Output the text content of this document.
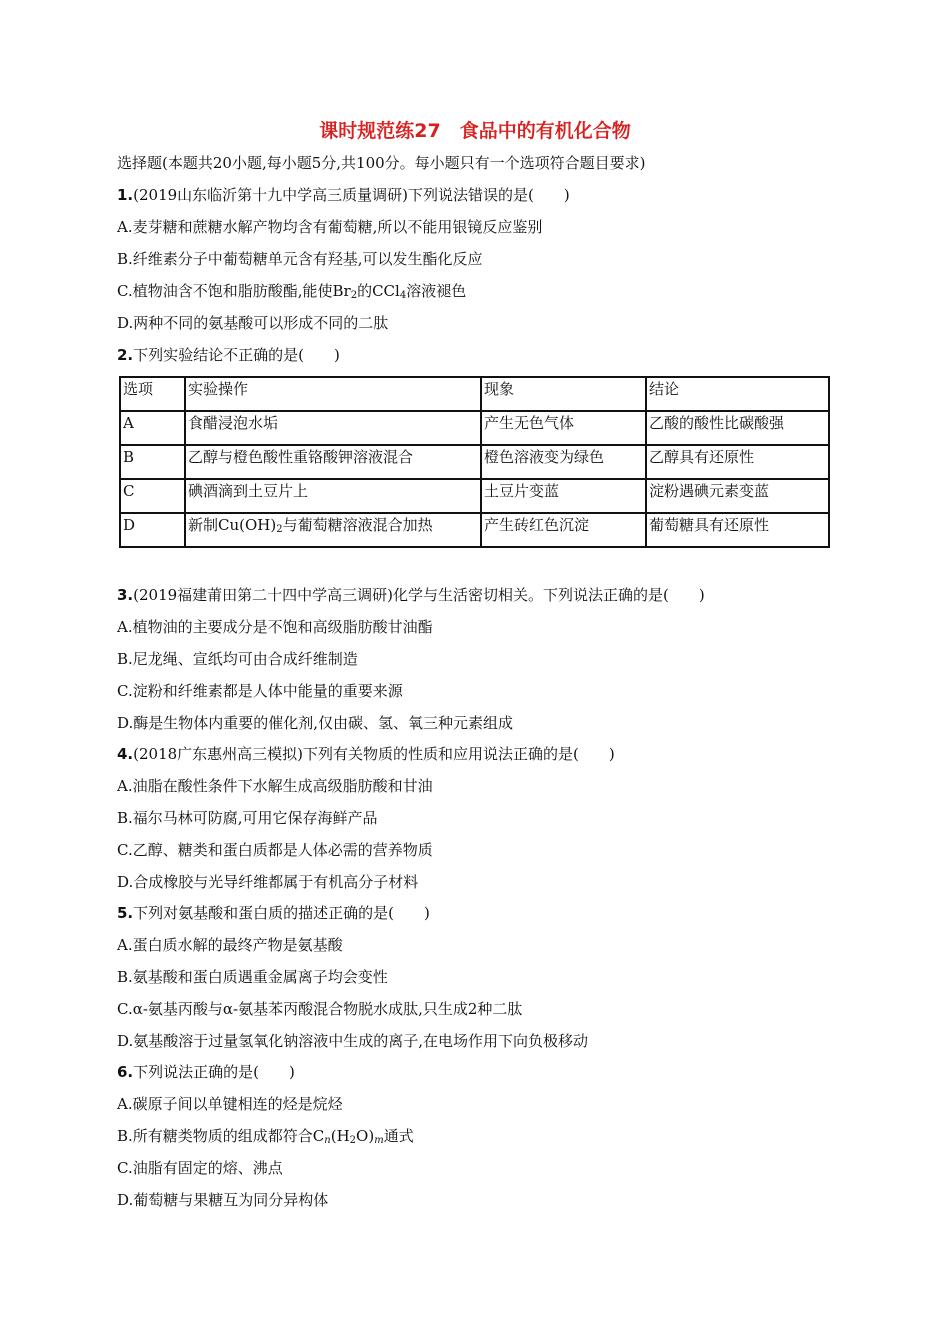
课时规范练27　食品中的有机化合物
选择题(本题共20小题,每小题5分,共100分。每小题只有一个选项符合题目要求)
1.(2019山东临沂第十九中学高三质量调研)下列说法错误的是(　　)
A.麦芽糖和蔗糖水解产物均含有葡萄糖,所以不能用银镜反应鉴别
B.纤维素分子中葡萄糖单元含有羟基,可以发生酯化反应
C.植物油含不饱和脂肪酸酯,能使$Br_2$的CCl$_4$溶液褪色
D.两种不同的氨基酸可以形成不同的二肽
2.下列实验结论不正确的是(　　)
选项	实验操作	现象	结论
A	食醋浸泡水垢	产生无色气体	乙酸的酸性比碳酸强
B	乙醇与橙色酸性重铬酸钾溶液混合	橙色溶液变为绿色	乙醇具有还原性
C	碘酒滴到土豆片上	土豆片变蓝	淀粉遇碘元素变蓝
D	新制$Cu(OH)_2$与葡萄糖溶液混合加热	产生砖红色沉淀	葡萄糖具有还原性
3.(2019福建莆田第二十四中学高三调研)化学与生活密切相关。下列说法正确的是(　　)
A.植物油的主要成分是不饱和高级脂肪酸甘油酯
B.尼龙绳、宣纸均可由合成纤维制造
C.淀粉和纤维素都是人体中能量的重要来源
D.酶是生物体内重要的催化剂,仅由碳、氢、氧三种元素组成
4.(2018广东惠州高三模拟)下列有关物质的性质和应用说法正确的是(　　)
A.油脂在酸性条件下水解生成高级脂肪酸和甘油
B.福尔马林可防腐,可用它保存海鲜产品
C.乙醇、糖类和蛋白质都是人体必需的营养物质
D.合成橡胶与光导纤维都属于有机高分子材料
5.下列对氨基酸和蛋白质的描述正确的是(　　)
A.蛋白质水解的最终产物是氨基酸
B.氨基酸和蛋白质遇重金属离子均会变性
C.α-氨基丙酸与α-氨基苯丙酸混合物脱水成肽,只生成2种二肽
D.氨基酸溶于过量氢氧化钠溶液中生成的离子,在电场作用下向负极移动
6.下列说法正确的是(　　)
A.碳原子间以单键相连的烃是烷烃
B.所有糖类物质的组成都符合$C_n(H_2O)_m$通式
C.油脂有固定的熔、沸点
D.葡萄糖与果糖互为同分异构体
